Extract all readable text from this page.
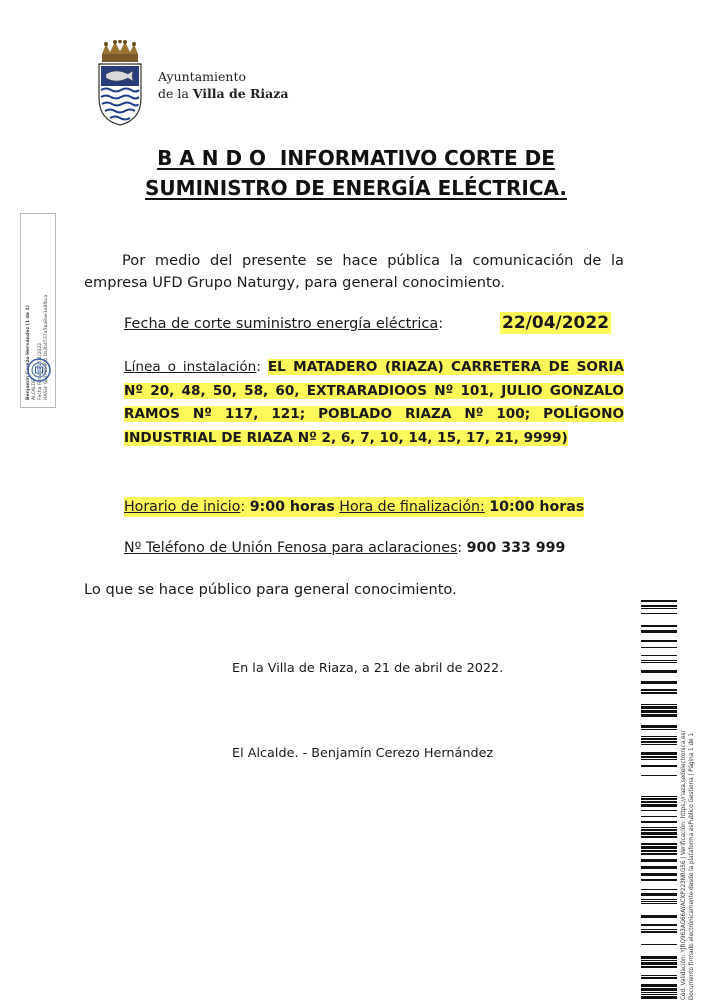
Ayuntamiento
de la Villa de Riaza
B A N D O  INFORMATIVO CORTE DE
SUMINISTRO DE ENERGÍA ELÉCTRICA.
Por medio del presente se hace pública la comunicación de la empresa UFD Grupo Naturgy, para general conocimiento.
Fecha de corte suministro energía eléctrica:	22/04/2022
Línea o instalación: EL MATADERO (RIAZA) CARRETERA DE SORIA Nº 20, 48, 50, 58, 60, EXTRARADIOOS Nº 101, JULIO GONZALO RAMOS Nº 117, 121; POBLADO RIAZA Nº 100; POLÍGONO INDUSTRIAL DE RIAZA Nº 2, 6, 7, 10, 14, 15, 17, 21, 9999)
Horario de inicio: 9:00 horas Hora de finalización: 10:00 horas
Nº Teléfono de Unión Fenosa para aclaraciones: 900 333 999
Lo que se hace público para general conocimiento.
En la Villa de Riaza, a 21 de abril de 2022.
El Alcalde. - Benjamín Cerezo Hernández
Benjamín Cerezo Hernández (1 de 1) ALCALDE Fecha Firma: 21/04/2022 HASH: 6c3785996 1b2b4537a5ba8ae1e6fbca
Cód. Validación: YJRQ963AG66AYACXP223NRG56 | Verificación: https://riaza.sedelectronica.es/ Documento firmado electrónicamente desde la plataforma esPublico Gestiona | Página 1 de 1
